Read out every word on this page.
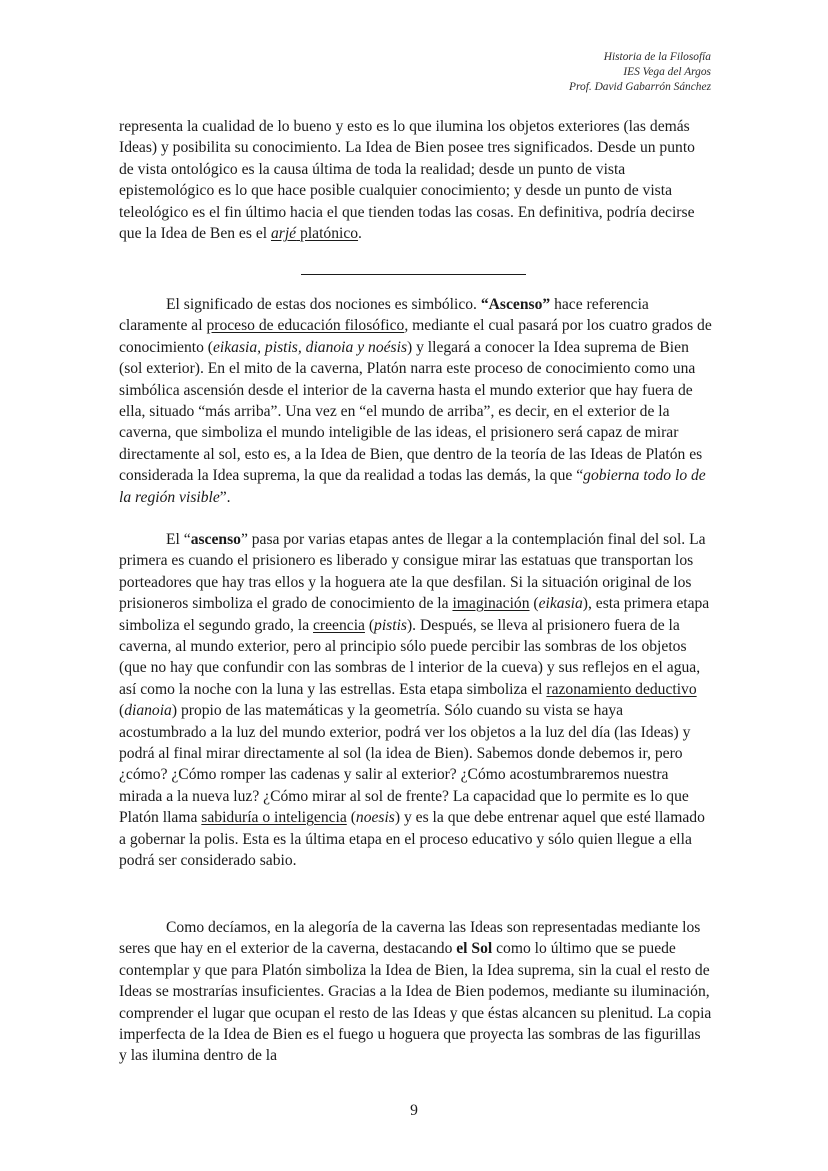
Historia de la Filosofía
IES Vega del Argos
Prof. David Gabarrón Sánchez

representa la cualidad de lo bueno y esto es lo que ilumina los objetos exteriores (las demás Ideas) y posibilita su conocimiento. La Idea de Bien posee tres significados. Desde un punto de vista ontológico es la causa última de toda la realidad; desde un punto de vista epistemológico es lo que hace posible cualquier conocimiento; y desde un punto de vista teleológico es el fin último hacia el que tienden todas las cosas. En definitiva, podría decirse que la Idea de Ben es el arjé platónico.

El significado de estas dos nociones es simbólico. “Ascenso” hace referencia claramente al proceso de educación filosófico, mediante el cual pasará por los cuatro grados de conocimiento (eikasia, pistis, dianoia y noésis) y llegará a conocer la Idea suprema de Bien (sol exterior). En el mito de la caverna, Platón narra este proceso de conocimiento como una simbólica ascensión desde el interior de la caverna hasta el mundo exterior que hay fuera de ella, situado “más arriba”. Una vez en “el mundo de arriba”, es decir, en el exterior de la caverna, que simboliza el mundo inteligible de las ideas, el prisionero será capaz de mirar directamente al sol, esto es, a la Idea de Bien, que dentro de la teoría de las Ideas de Platón es considerada la Idea suprema, la que da realidad a todas las demás, la que “gobierna todo lo de la región visible”.

El “ascenso” pasa por varias etapas antes de llegar a la contemplación final del sol. La primera es cuando el prisionero es liberado y consigue mirar las estatuas que transportan los porteadores que hay tras ellos y la hoguera ate la que desfilan. Si la situación original de los prisioneros simboliza el grado de conocimiento de la imaginación (eikasia), esta primera etapa simboliza el segundo grado, la creencia (pistis). Después, se lleva al prisionero fuera de la caverna, al mundo exterior, pero al principio sólo puede percibir las sombras de los objetos (que no hay que confundir con las sombras de l interior de la cueva) y sus reflejos en el agua, así como la noche con la luna y las estrellas. Esta etapa simboliza el razonamiento deductivo (dianoia) propio de las matemáticas y la geometría. Sólo cuando su vista se haya acostumbrado a la luz del mundo exterior, podrá ver los objetos a la luz del día (las Ideas) y podrá al final mirar directamente al sol (la idea de Bien). Sabemos donde debemos ir, pero ¿cómo? ¿Cómo romper las cadenas y salir al exterior? ¿Cómo acostumbraremos nuestra mirada a la nueva luz? ¿Cómo mirar al sol de frente? La capacidad que lo permite es lo que Platón llama sabiduría o inteligencia (noesis) y es la que debe entrenar aquel que esté llamado a gobernar la polis. Esta es la última etapa en el proceso educativo y sólo quien llegue a ella podrá ser considerado sabio.

Como decíamos, en la alegoría de la caverna las Ideas son representadas mediante los seres que hay en el exterior de la caverna, destacando el Sol como lo último que se puede contemplar y que para Platón simboliza la Idea de Bien, la Idea suprema, sin la cual el resto de Ideas se mostrarías insuficientes. Gracias a la Idea de Bien podemos, mediante su iluminación, comprender el lugar que ocupan el resto de las Ideas y que éstas alcancen su plenitud. La copia imperfecta de la Idea de Bien es el fuego u hoguera que proyecta las sombras de las figurillas y las ilumina dentro de la

9
